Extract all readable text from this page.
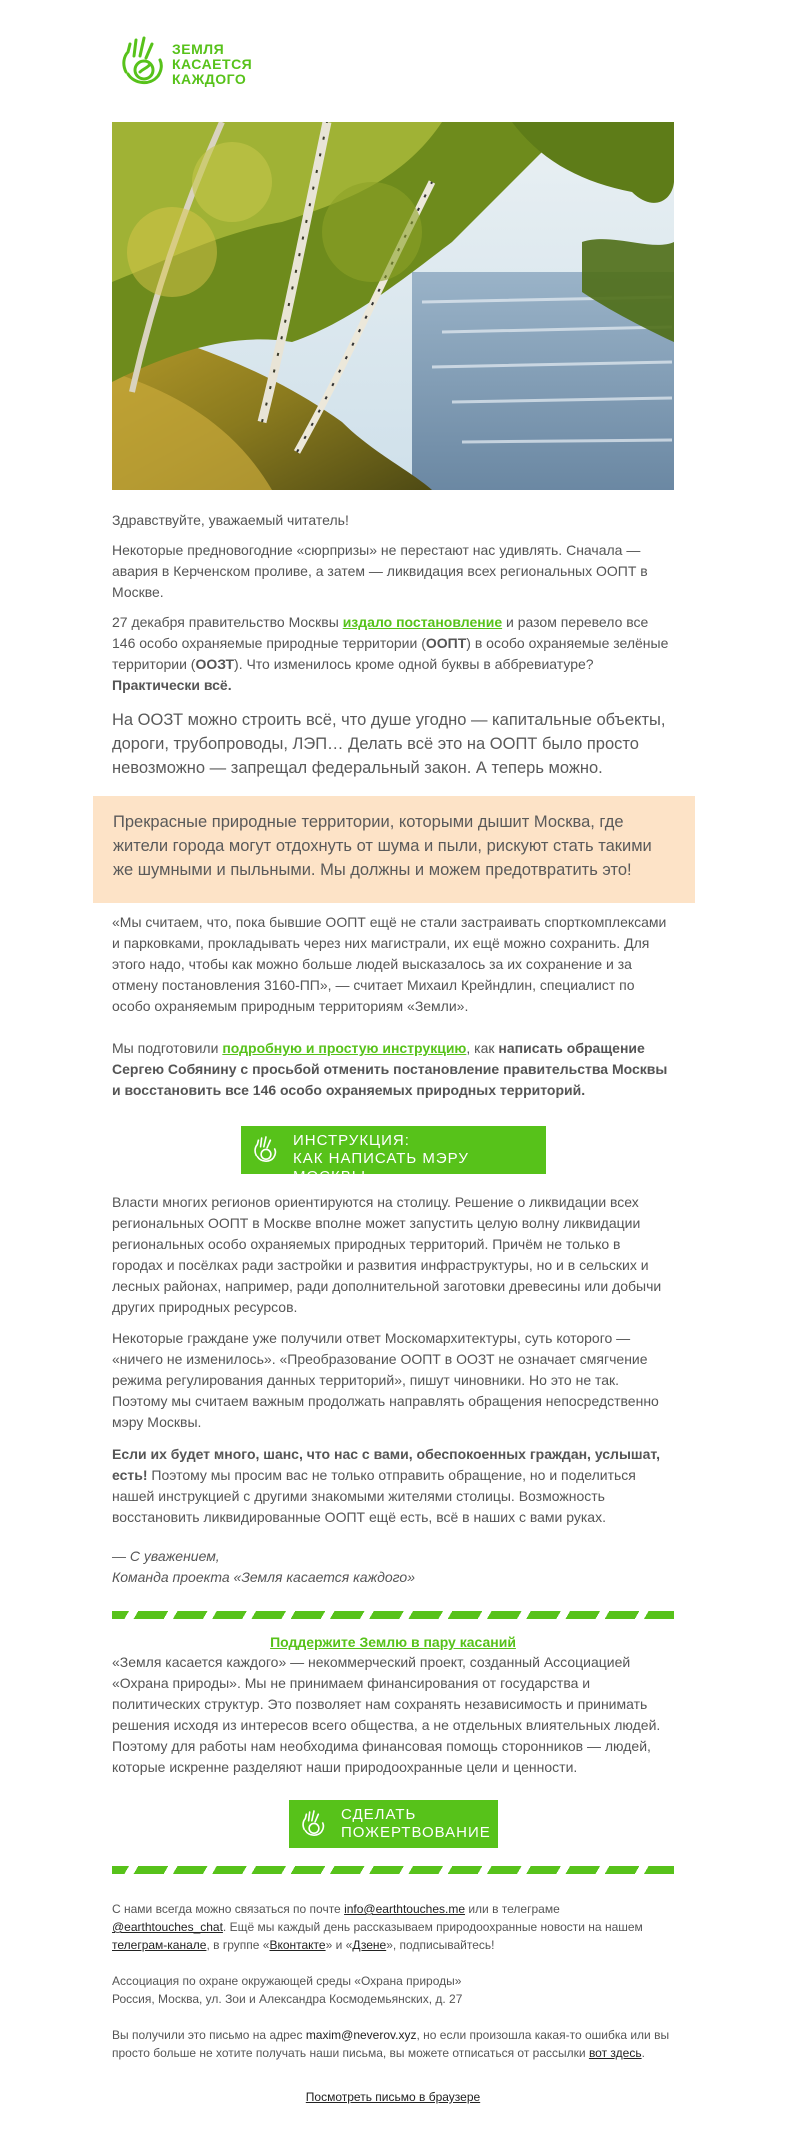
ЗЕМЛЯ
КАСАЕТСЯ
КАЖДОГО

Здравствуйте, уважаемый читатель!

Некоторые предновогодние «сюрпризы» не перестают нас удивлять. Сначала — авария в Керченском проливе, а затем — ликвидация всех региональных ООПТ в Москве.

27 декабря правительство Москвы издало постановление и разом перевело все 146 особо охраняемые природные территории (ООПТ) в особо охраняемые зелёные территории (ООЗТ). Что изменилось кроме одной буквы в аббревиатуре? Практически всё.

На ООЗТ можно строить всё, что душе угодно — капитальные объекты, дороги, трубопроводы, ЛЭП… Делать всё это на ООПТ было просто невозможно — запрещал федеральный закон. А теперь можно.

Прекрасные природные территории, которыми дышит Москва, где жители города могут отдохнуть от шума и пыли, рискуют стать такими же шумными и пыльными. Мы должны и можем предотвратить это!

«Мы считаем, что, пока бывшие ООПТ ещё не стали застраивать спорткомплексами и парковками, прокладывать через них магистрали, их ещё можно сохранить. Для этого надо, чтобы как можно больше людей высказалось за их сохранение и за отмену постановления 3160-ПП», — считает Михаил Крейндлин, специалист по особо охраняемым природным территориям «Земли».

Мы подготовили подробную и простую инструкцию, как написать обращение Сергею Собянину с просьбой отменить постановление правительства Москвы и восстановить все 146 особо охраняемых природных территорий.

ИНСТРУКЦИЯ:
КАК НАПИСАТЬ МЭРУ МОСКВЫ

Власти многих регионов ориентируются на столицу. Решение о ликвидации всех региональных ООПТ в Москве вполне может запустить целую волну ликвидации региональных особо охраняемых природных территорий. Причём не только в городах и посёлках ради застройки и развития инфраструктуры, но и в сельских и лесных районах, например, ради дополнительной заготовки древесины или добычи других природных ресурсов.

Некоторые граждане уже получили ответ Москомархитектуры, суть которого — «ничего не изменилось». «Преобразование ООПТ в ООЗТ не означает смягчение режима регулирования данных территорий», пишут чиновники. Но это не так. Поэтому мы считаем важным продолжать направлять обращения непосредственно мэру Москвы.

Если их будет много, шанс, что нас с вами, обеспокоенных граждан, услышат, есть! Поэтому мы просим вас не только отправить обращение, но и поделиться нашей инструкцией с другими знакомыми жителями столицы. Возможность восстановить ликвидированные ООПТ ещё есть, всё в наших с вами руках.

— С уважением,
Команда проекта «Земля касается каждого»

Поддержите Землю в пару касаний

«Земля касается каждого» — некоммерческий проект, созданный Ассоциацией «Охрана природы». Мы не принимаем финансирования от государства и политических структур. Это позволяет нам сохранять независимость и принимать решения исходя из интересов всего общества, а не отдельных влиятельных людей. Поэтому для работы нам необходима финансовая помощь сторонников — людей, которые искренне разделяют наши природоохранные цели и ценности.

СДЕЛАТЬ
ПОЖЕРТВОВАНИЕ

С нами всегда можно связаться по почте info@earthtouches.me или в телеграме @earthtouches_chat. Ещё мы каждый день рассказываем природоохранные новости на нашем телеграм-канале, в группе «Вконтакте» и «Дзене», подписывайтесь!

Ассоциация по охране окружающей среды «Охрана природы»
Россия, Москва, ул. Зои и Александра Космодемьянских, д. 27

Вы получили это письмо на адрес maxim@neverov.xyz, но если произошла какая-то ошибка или вы просто больше не хотите получать наши письма, вы можете отписаться от рассылки вот здесь.

Посмотреть письмо в браузере
